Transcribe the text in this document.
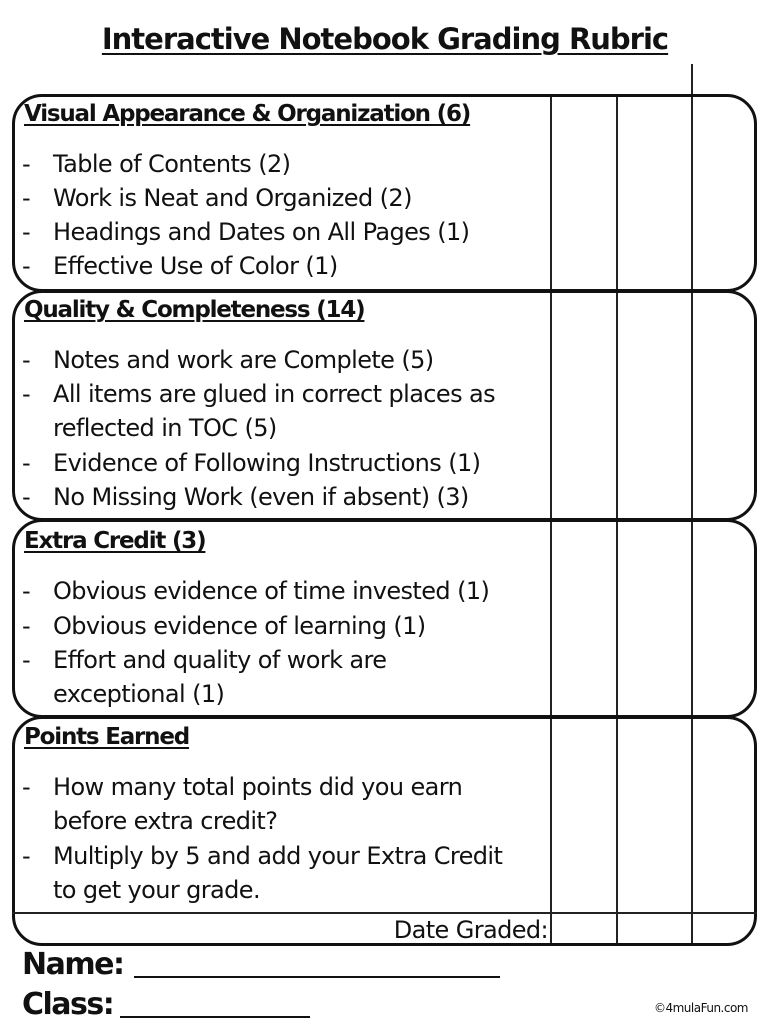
Interactive Notebook Grading Rubric
Visual Appearance & Organization (6)
- Table of Contents (2)
- Work is Neat and Organized (2)
- Headings and Dates on All Pages (1)
- Effective Use of Color (1)
Quality & Completeness (14)
- Notes and work are Complete (5)
- All items are glued in correct places as reflected in TOC (5)
- Evidence of Following Instructions (1)
- No Missing Work (even if absent) (3)
Extra Credit (3)
- Obvious evidence of time invested (1)
- Obvious evidence of learning (1)
- Effort and quality of work are exceptional (1)
Points Earned
- How many total points did you earn before extra credit?
- Multiply by 5 and add your Extra Credit to get your grade.
Date Graded:
Name:
Class:	©4mulaFun.com
